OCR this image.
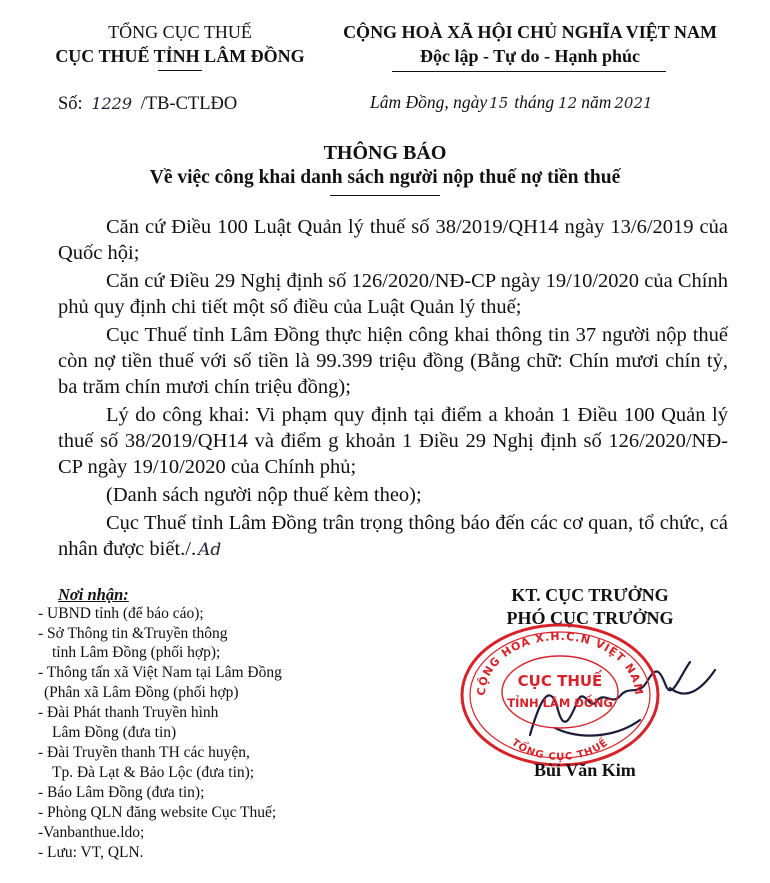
TỔNG CỤC THUẾ
CỤC THUẾ TỈNH LÂM ĐỒNG
Số: 1229 /TB-CTLĐO
CỘNG HOÀ XÃ HỘI CHỦ NGHĨA VIỆT NAM
Độc lập - Tự do - Hạnh phúc
Lâm Đồng, ngày 15 tháng 12 năm 2021
THÔNG BÁO
Về việc công khai danh sách người nộp thuế nợ tiền thuế
Căn cứ Điều 100 Luật Quản lý thuế số 38/2019/QH14 ngày 13/6/2019 của Quốc hội;
Căn cứ Điều 29 Nghị định số 126/2020/NĐ-CP ngày 19/10/2020 của Chính phủ quy định chi tiết một số điều của Luật Quản lý thuế;
Cục Thuế tỉnh Lâm Đồng thực hiện công khai thông tin 37 người nộp thuế còn nợ tiền thuế với số tiền là 99.399 triệu đồng (Bằng chữ: Chín mươi chín tỷ, ba trăm chín mươi chín triệu đồng);
Lý do công khai: Vi phạm quy định tại điểm a khoản 1 Điều 100 Quản lý thuế số 38/2019/QH14 và điểm g khoản 1 Điều 29 Nghị định số 126/2020/NĐ-CP ngày 19/10/2020 của Chính phủ;
(Danh sách người nộp thuế kèm theo);
Cục Thuế tỉnh Lâm Đồng trân trọng thông báo đến các cơ quan, tổ chức, cá nhân được biết./. Ad
Nơi nhận:
- UBND tỉnh (để báo cáo);
- Sở Thông tin &Truyền thông
tỉnh Lâm Đồng (phối hợp);
- Thông tấn xã Việt Nam tại Lâm Đồng
(Phân xã Lâm Đồng (phối hợp)
- Đài Phát thanh Truyền hình
Lâm Đồng (đưa tin)
- Đài Truyền thanh TH các huyện,
Tp. Đà Lạt & Bảo Lộc (đưa tin);
- Báo Lâm Đồng (đưa tin);
- Phòng QLN đăng website Cục Thuế;
-Vanbanthue.ldo;
- Lưu: VT, QLN.
KT. CỤC TRƯỞNG
PHÓ CỤC TRƯỞNG
CỘNG HÒA X.H.C.N VIỆT NAM
TỔNG CỤC THUẾ
CỤC THUẾ
TỈNH LÂM ĐỒNG
Bùi Văn Kim
